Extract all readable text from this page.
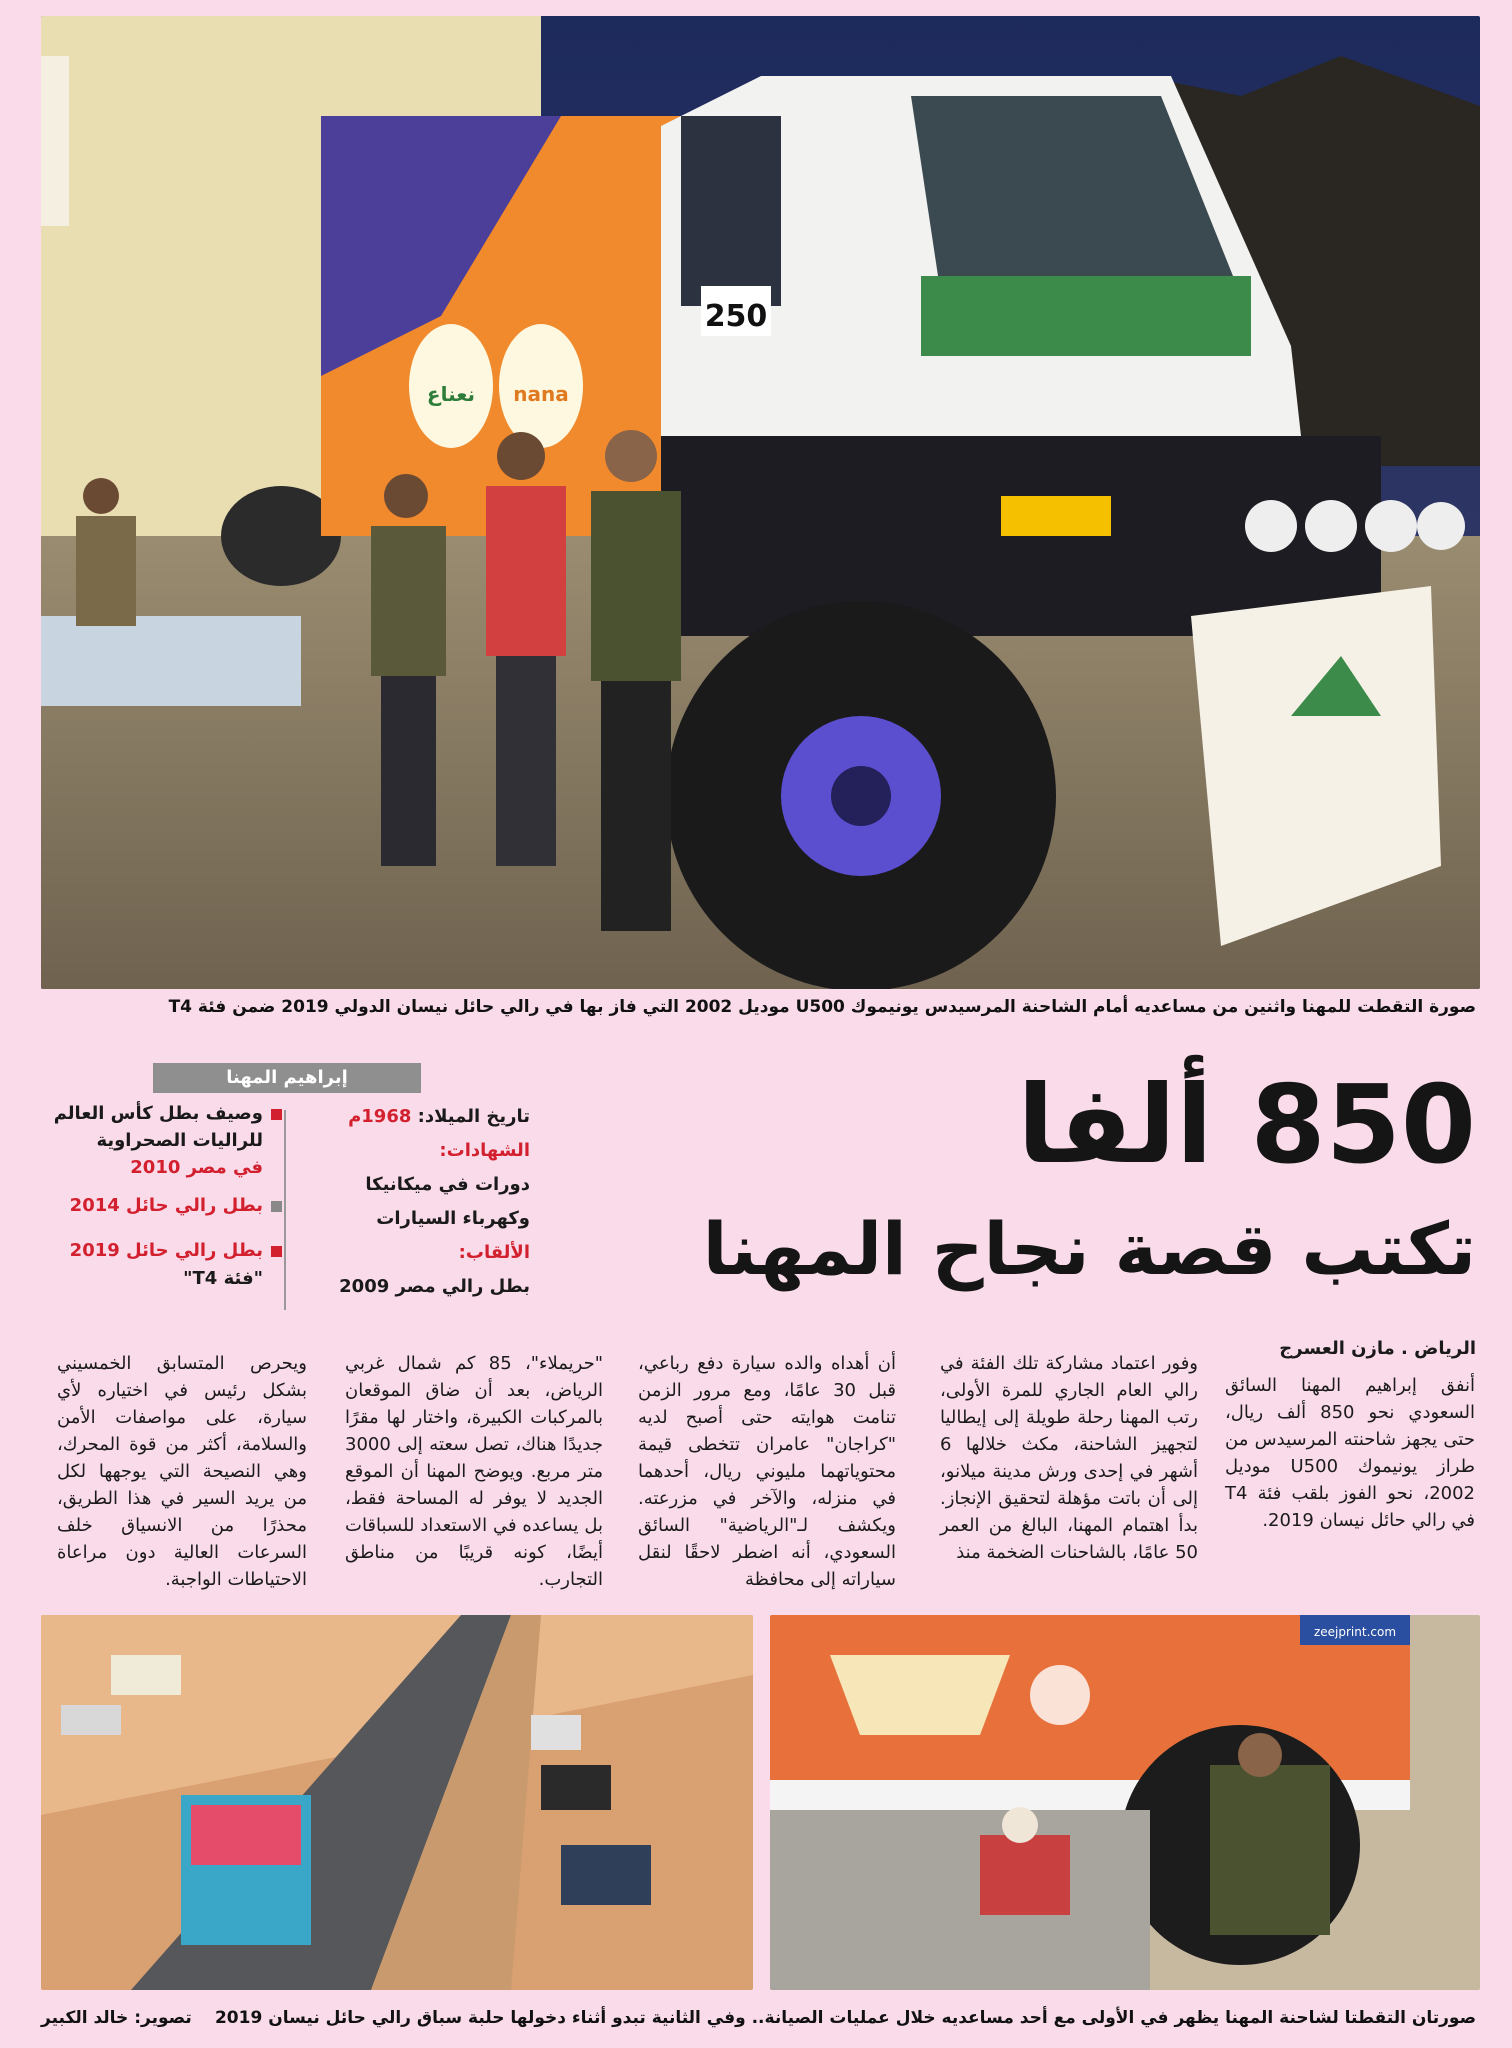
نعناع nana
250
صورة التقطت للمهنا واثنين من مساعديه أمام الشاحنة المرسيدس يونيموك U500 موديل 2002 التي فاز بها في رالي حائل نيسان الدولي 2019 ضمن فئة T4
850 ألفا
تكتب قصة نجاح المهنا
إبراهيم المهنا
تاريخ الميلاد: 1968م
الشهادات:
دورات في ميكانيكا
وكهرباء السيارات
الألقاب:
بطل رالي مصر 2009
وصيف بطل كأس العالم
للراليات الصحراوية
في مصر 2010
بطل رالي حائل 2014
بطل رالي حائل 2019
"فئة T4"
الرياض . مازن العسرج

أنفق إبراهيم المهنا السائق السعودي نحو 850 ألف ريال، حتى يجهز شاحنته المرسيدس من طراز يونيموك U500 موديل 2002، نحو الفوز بلقب فئة T4 في رالي حائل نيسان 2019.

وفور اعتماد مشاركة تلك الفئة في رالي العام الجاري للمرة الأولى، رتب المهنا رحلة طويلة إلى إيطاليا لتجهيز الشاحنة، مكث خلالها 6 أشهر في إحدى ورش مدينة ميلانو، إلى أن باتت مؤهلة لتحقيق الإنجاز. بدأ اهتمام المهنا، البالغ من العمر 50 عامًا، بالشاحنات الضخمة منذ

أن أهداه والده سيارة دفع رباعي، قبل 30 عامًا، ومع مرور الزمن تنامت هوايته حتى أصبح لديه "كراجان" عامران تتخطى قيمة محتوياتهما مليوني ريال، أحدهما في منزله، والآخر في مزرعته. ويكشف لـ"الرياضية" السائق السعودي، أنه اضطر لاحقًا لنقل سياراته إلى محافظة

"حريملاء"، 85 كم شمال غربي الرياض، بعد أن ضاق الموقعان بالمركبات الكبيرة، واختار لها مقرًا جديدًا هناك، تصل سعته إلى 3000 متر مربع. ويوضح المهنا أن الموقع الجديد لا يوفر له المساحة فقط، بل يساعده في الاستعداد للسباقات أيضًا، كونه قريبًا من مناطق التجارب.

ويحرص المتسابق الخمسيني بشكل رئيس في اختياره لأي سيارة، على مواصفات الأمن والسلامة، أكثر من قوة المحرك، وهي النصيحة التي يوجهها لكل من يريد السير في هذا الطريق، محذرًا من الانسياق خلف السرعات العالية دون مراعاة الاحتياطات الواجبة.

zeejprint.com
صورتان التقطتا لشاحنة المهنا يظهر في الأولى مع أحد مساعديه خلال عمليات الصيانة.. وفي الثانية تبدو أثناء دخولها حلبة سباق رالي حائل نيسان 2019
تصوير: خالد الكبير
